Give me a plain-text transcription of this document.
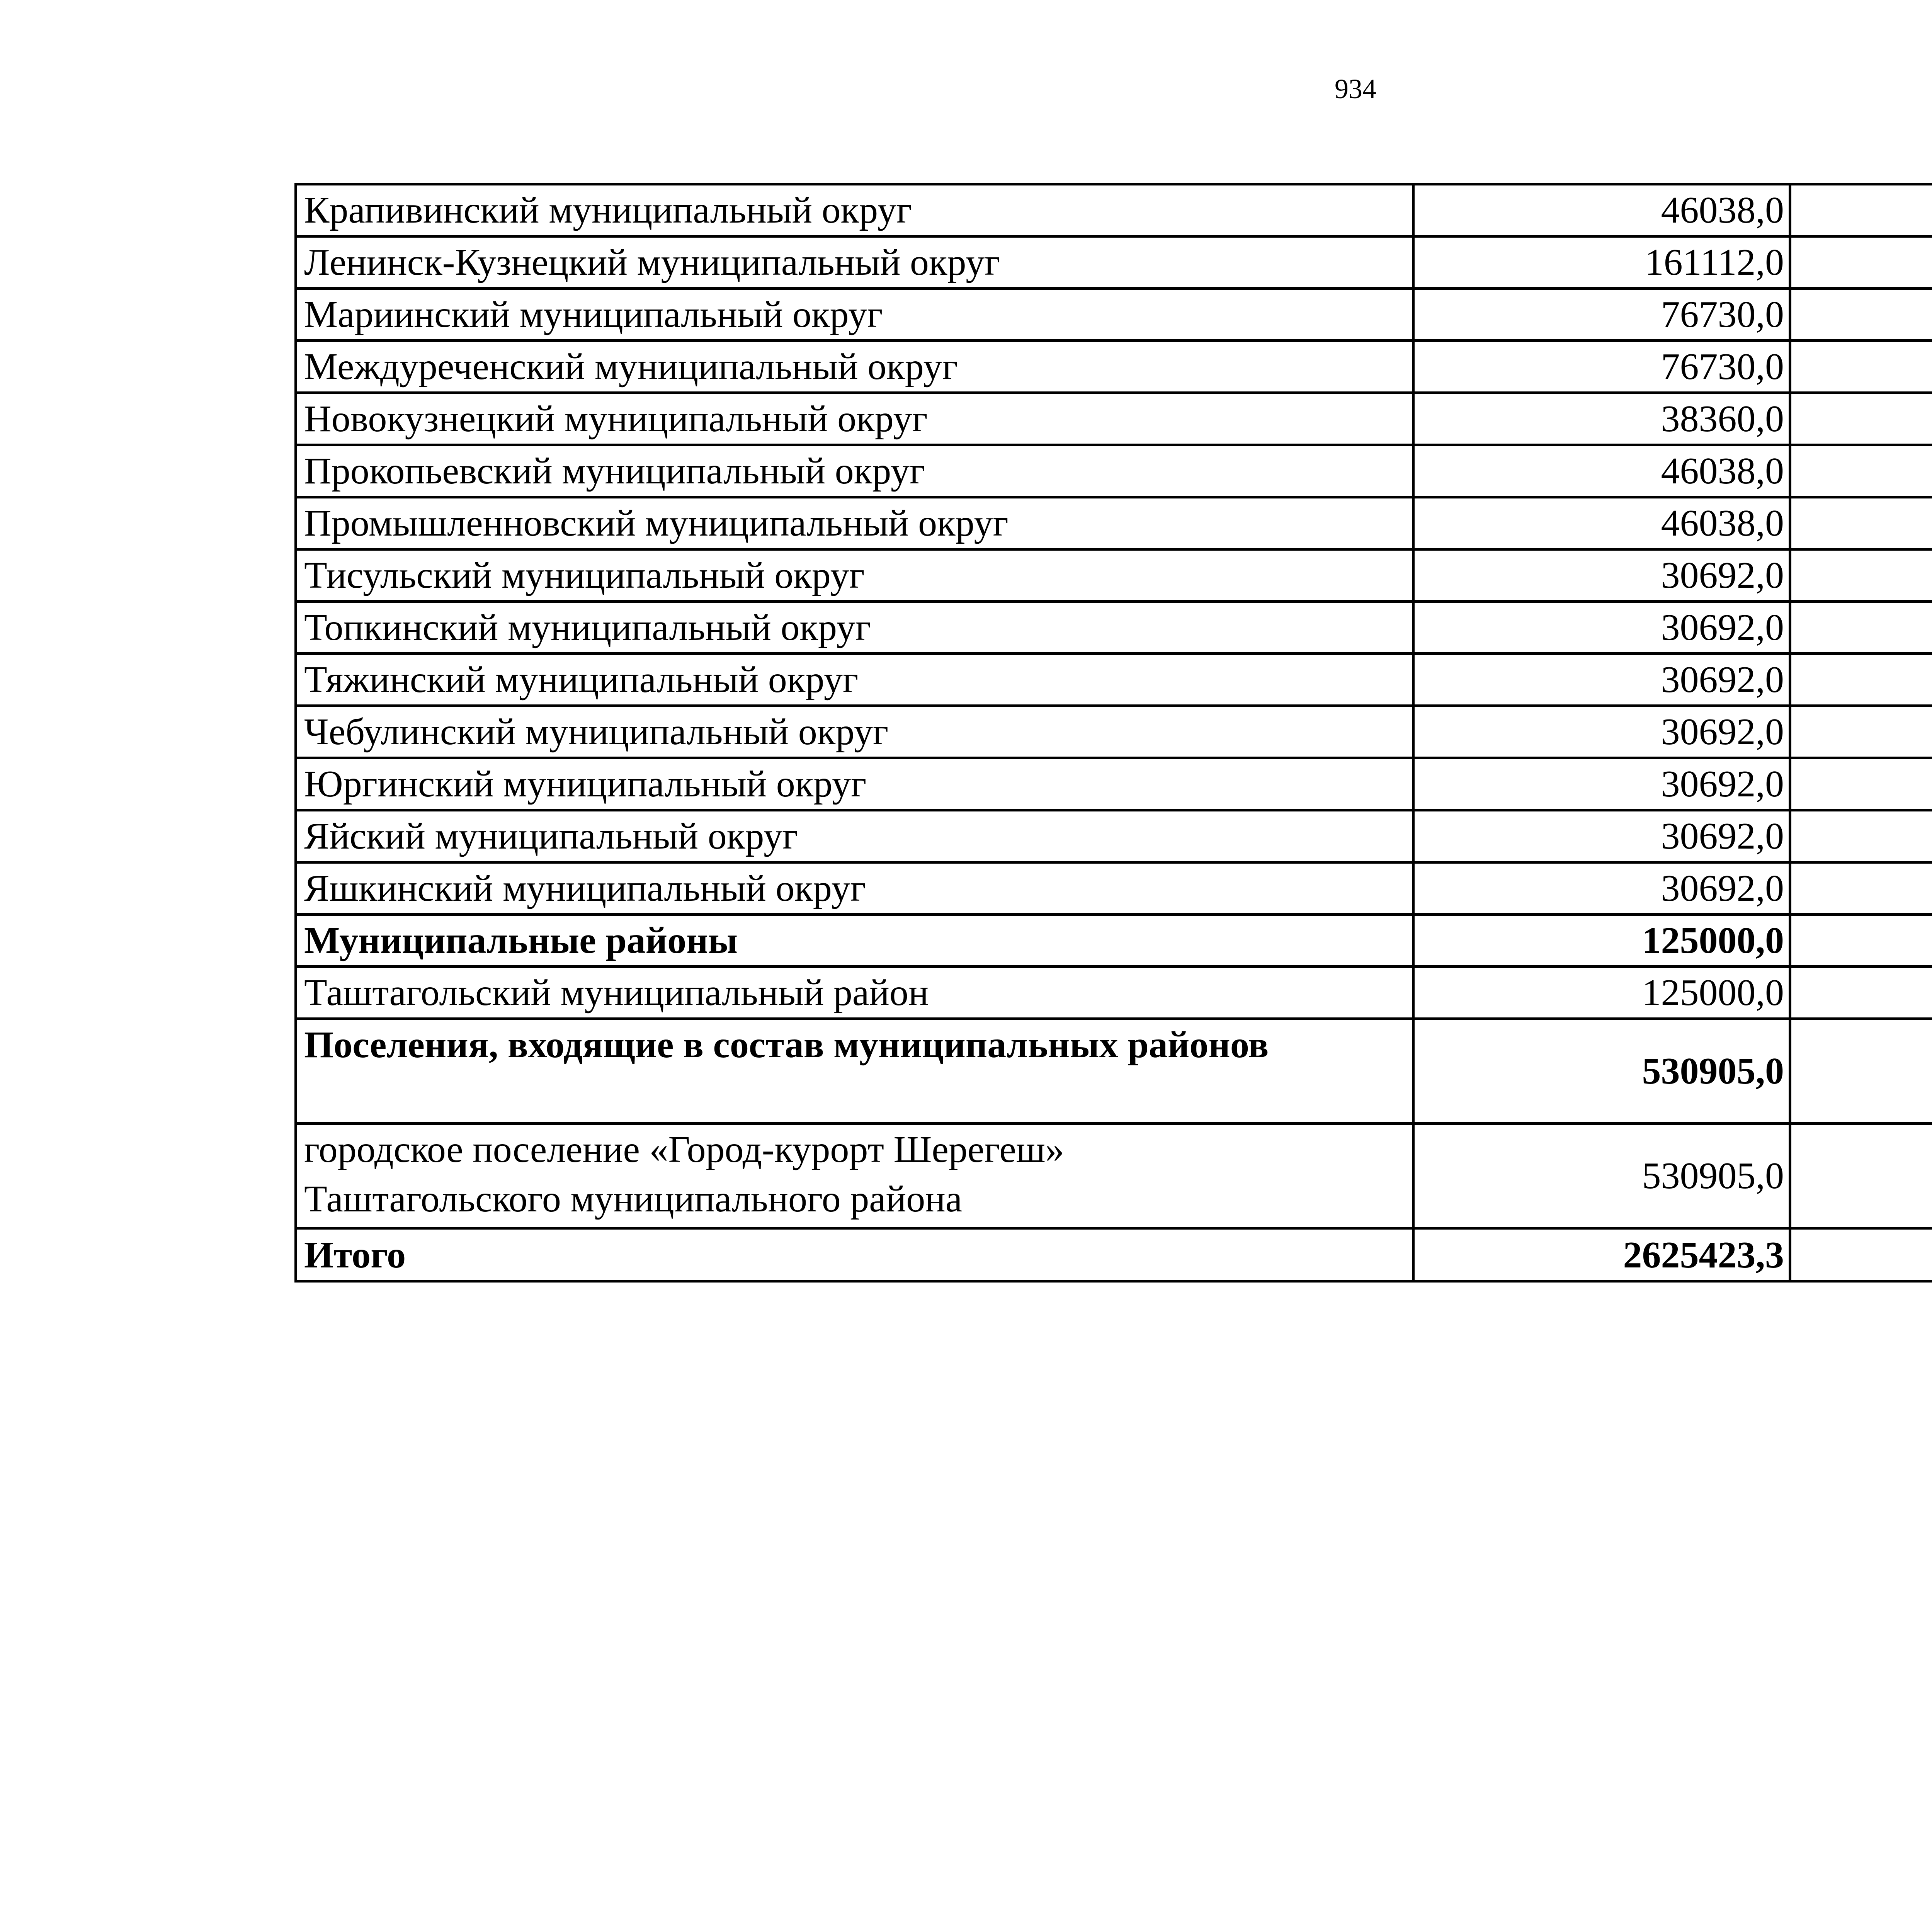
934
Крапивинский муниципальный округ	46038,0		
Ленинск-Кузнецкий муниципальный округ	161112,0		
Мариинский муниципальный округ	76730,0		
Междуреченский муниципальный округ	76730,0		
Новокузнецкий муниципальный округ	38360,0		
Прокопьевский муниципальный округ	46038,0		
Промышленновский муниципальный округ	46038,0		
Тисульский муниципальный округ	30692,0		
Топкинский муниципальный округ	30692,0		
Тяжинский муниципальный округ	30692,0		
Чебулинский муниципальный округ	30692,0		
Юргинский муниципальный округ	30692,0		
Яйский муниципальный округ	30692,0		
Яшкинский муниципальный округ	30692,0		
Муниципальные районы	125000,0		
Таштагольский муниципальный район	125000,0		
Поселения, входящие в состав муниципальных районов	530905,0		

городское поселение «Город-курорт Шерегеш»
Таштагольского муниципального района	530905,0		
Итого	2625423,3		
